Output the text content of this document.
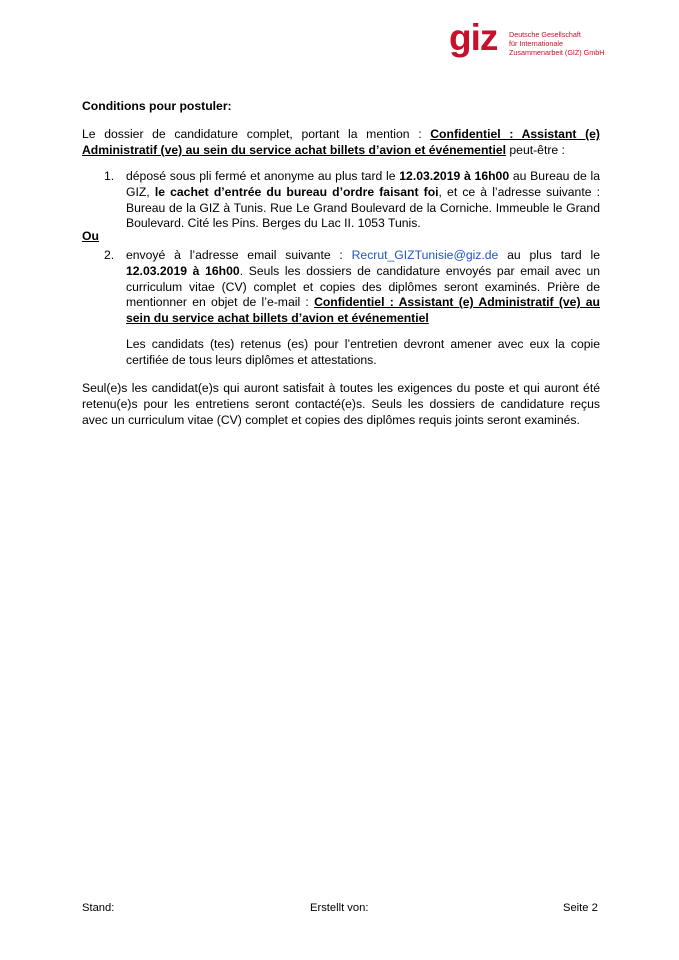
giz Deutsche Gesellschaft
für Internationale
Zusammenarbeit (GIZ) GmbH
Conditions pour postuler:
Le dossier de candidature complet, portant la mention : Confidentiel : Assistant (e) Administratif (ve) au sein du service achat billets d’avion et événementiel peut-être :
1. déposé sous pli fermé et anonyme au plus tard le 12.03.2019 à 16h00 au Bureau de la GIZ, le cachet d’entrée du bureau d’ordre faisant foi, et ce à l’adresse suivante : Bureau de la GIZ à Tunis. Rue Le Grand Boulevard de la Corniche. Immeuble le Grand Boulevard. Cité les Pins. Berges du Lac II. 1053 Tunis.
Ou
2. envoyé à l’adresse email suivante : Recrut_GIZTunisie@giz.de au plus tard le 12.03.2019 à 16h00. Seuls les dossiers de candidature envoyés par email avec un curriculum vitae (CV) complet et copies des diplômes seront examinés. Prière de mentionner en objet de l’e-mail : Confidentiel : Assistant (e) Administratif (ve) au sein du service achat billets d’avion et événementiel
Les candidats (tes) retenus (es) pour l’entretien devront amener avec eux la copie certifiée de tous leurs diplômes et attestations.
Seul(e)s les candidat(e)s qui auront satisfait à toutes les exigences du poste et qui auront été retenu(e)s pour les entretiens seront contacté(e)s. Seuls les dossiers de candidature reçus avec un curriculum vitae (CV) complet et copies des diplômes requis joints seront examinés.
Stand:	Erstellt von:	Seite 2
